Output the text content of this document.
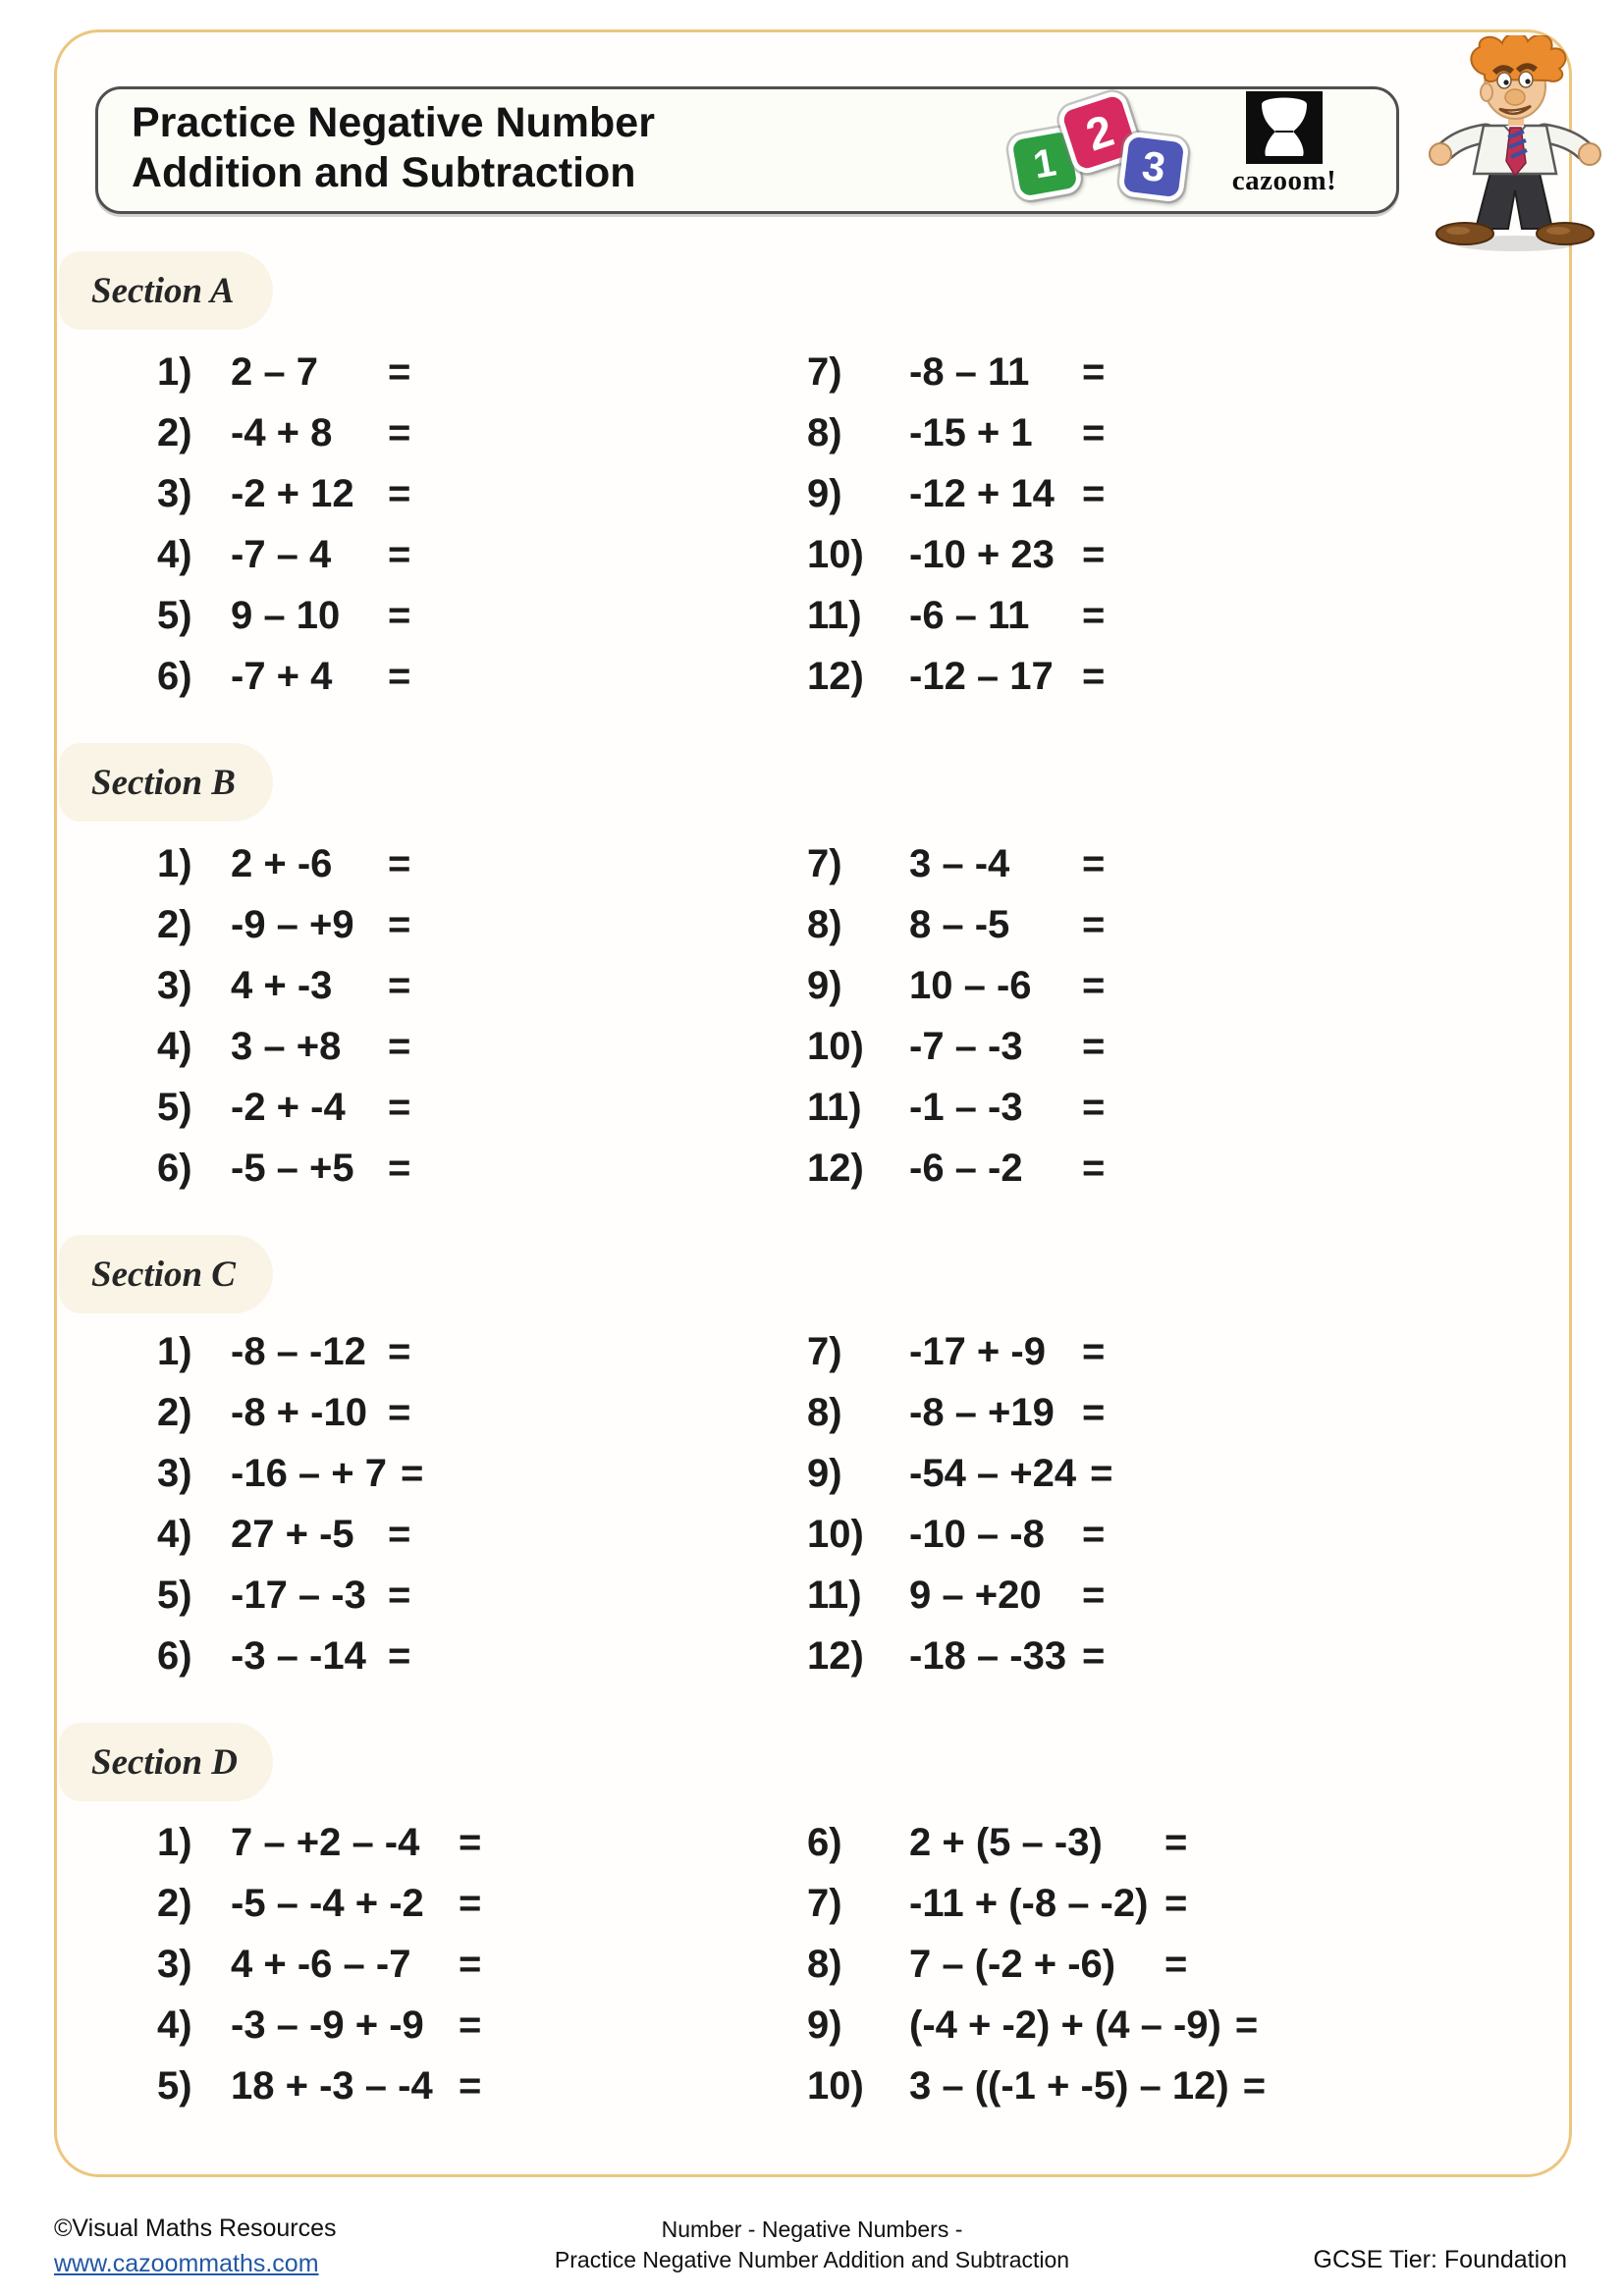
Practice Negative Number
Addition and Subtraction	1
2
3	cazoom!
Section A
1) 2 – 7	=
2) -4 + 8	=
3) -2 + 12 =
4) -7 – 4	=
5) 9 – 10	=
6) -7 + 4	=
7)	-8 – 11	=
8)	-15 + 1	=
9)	-12 + 14 =
10)	-10 + 23 =
11)	-6 – 11	=
12)	-12 – 17 =
Section B
1) 2 + -6	=
2) -9 – +9 =
3) 4 + -3	=
4) 3 – +8	=
5) -2 + -4	=
6) -5 – +5 =
7)	3 – -4	=
8)	8 – -5	=
9)	10 – -6	=
10)	-7 – -3	=
11)	-1 – -3	=
12)	-6 – -2	=
Section C
1) -8 – -12 =
2) -8 + -10 =
3) -16 – + 7 =
4) 27 + -5 =
5) -17 – -3 =
6) -3 – -14 =
7)	-17 + -9 =
8)	-8 – +19 =
9)	-54 – +24 =
10)	-10 – -8 =
11)	9 – +20	=
12)	-18 – -33 =
Section D
1) 7 – +2 – -4 =
2) -5 – -4 + -2 =
3) 4 + -6 – -7	=
4) -3 – -9 + -9 =
5) 18 + -3 – -4 =
6)	2 + (5 – -3)	=
7)	-11 + (-8 – -2) =
8)	7 – (-2 + -6)	=
9)	(-4 + -2) + (4 – -9) =
10)	3 – ((-1 + -5) – 12) =
©Visual Maths Resources
www.cazoommaths.com
Number - Negative Numbers -
Practice Negative Number Addition and Subtraction	GCSE Tier: Foundation
